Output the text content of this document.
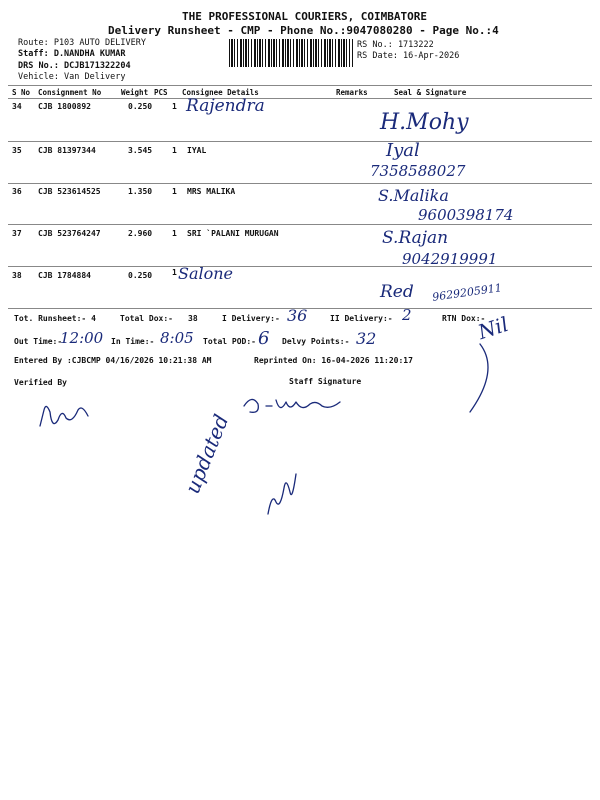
THE PROFESSIONAL COURIERS, COIMBATORE
Delivery Runsheet - CMP - Phone No.:9047080280 - Page No.:4
Route: P103 AUTO DELIVERY
Staff: D.NANDHA KUMAR
DRS No.: DCJB171322204
Vehicle: Van Delivery
RS No.: 1713222
RS Date: 16-Apr-2026
S No Consignment No	Weight PCS Consignee Details	Remarks	Seal & Signature
34 CJB 1800892	0.250 1 Rajendra
H.Mohy
35 CJB 81397344	3.545 1 IYAL	Iyal
7358588027
36 CJB 523614525	1.350 1 MRS MALIKA	S.Malika
9600398174
37 CJB 523764247	2.960 1 SRI `PALANI MURUGAN	S.Rajan
9042919991
38 CJB 1784884	0.250 1 Salone
Red 9629205911
Tot. Runsheet:- 4	Total Dox:- 38	I Delivery:- 36	II Delivery:- 2	RTN Dox:-
Nil
Out Time:-
12:00 In Time:- 8:05 Total POD:- 6 Delvy Points:- 32
Entered By :CJBCMP 04/16/2026 10:21:38 AM	Reprinted On: 16-04-2026 11:20:17
Verified By	Staff Signature
updated
